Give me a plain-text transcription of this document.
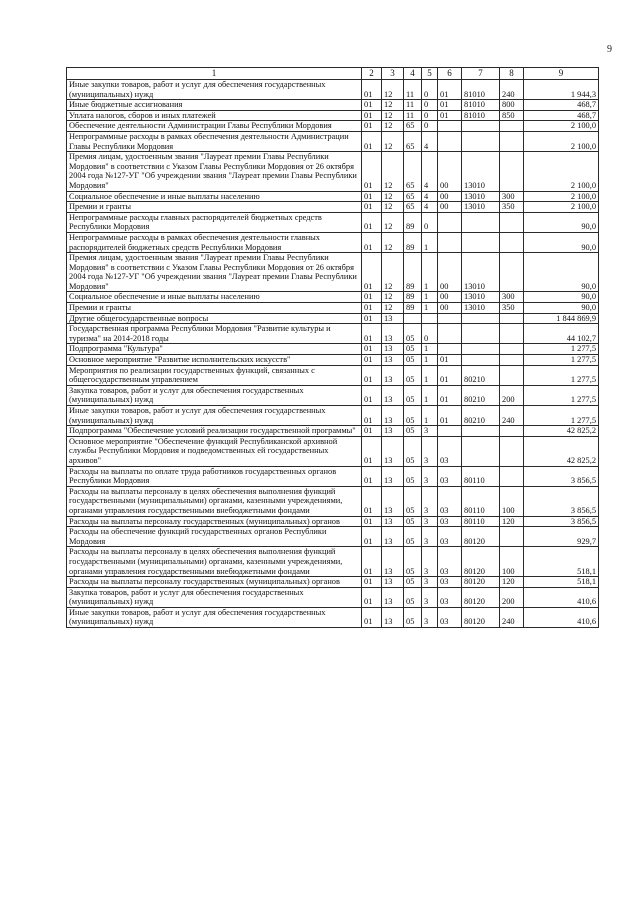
9
1	2	3	4	5	6	7	8	9
Иные закупки товаров, работ и услуг для обеспечения государственных (муниципальных) нужд	01	12	11	0	01	81010	240	1 944,3
Иные бюджетные ассигнования	01	12	11	0	01	81010	800	468,7
Уплата налогов, сборов и иных платежей	01	12	11	0	01	81010	850	468,7
Обеспечение деятельности Администрации Главы Республики Мордовия	01	12	65	0				2 100,0
Непрограммные расходы в рамках обеспечения деятельности Администрации Главы Республики Мордовия	01	12	65	4				2 100,0
Премия лицам, удостоенным звания "Лауреат премии Главы Республики Мордовия" в соответствии с Указом Главы Республики Мордовия от 26 октября 2004 года №127-УГ "Об учреждении звания "Лауреат премии Главы Республики Мордовия"	01	12	65	4	00	13010		2 100,0
Социальное обеспечение и иные выплаты населению	01	12	65	4	00	13010	300	2 100,0
Премии и гранты	01	12	65	4	00	13010	350	2 100,0
Непрограммные расходы главных распорядителей бюджетных средств Республики Мордовия	01	12	89	0				90,0
Непрограммные расходы в рамках обеспечения деятельности главных распорядителей бюджетных средств Республики Мордовия	01	12	89	1				90,0
Премия лицам, удостоенным звания "Лауреат премии Главы Республики Мордовия" в соответствии с Указом Главы Республики Мордовия от 26 октября 2004 года №127-УГ "Об учреждении звания "Лауреат премии Главы Республики Мордовия"	01	12	89	1	00	13010		90,0
Социальное обеспечение и иные выплаты населению	01	12	89	1	00	13010	300	90,0
Премии и гранты	01	12	89	1	00	13010	350	90,0
Другие общегосударственные вопросы	01	13						1 844 869,9
Государственная программа Республики Мордовия "Развитие культуры и туризма" на 2014-2018 годы	01	13	05	0				44 102,7
Подпрограмма "Культура"	01	13	05	1				1 277,5
Основное мероприятие "Развитие исполнительских искусств"	01	13	05	1	01			1 277,5
Мероприятия по реализации государственных функций, связанных с общегосударственным управлением	01	13	05	1	01	80210		1 277,5
Закупка товаров, работ и услуг для обеспечения государственных (муниципальных) нужд	01	13	05	1	01	80210	200	1 277,5
Иные закупки товаров, работ и услуг для обеспечения государственных (муниципальных) нужд	01	13	05	1	01	80210	240	1 277,5
Подпрограмма "Обеспечение условий реализации государственной программы"	01	13	05	3				42 825,2
Основное мероприятие "Обеспечение функций Республиканской архивной службы Республики Мордовия и подведомственных ей государственных архивов"	01	13	05	3	03			42 825,2
Расходы на выплаты по оплате труда работников государственных органов Республики Мордовия	01	13	05	3	03	80110		3 856,5
Расходы на выплаты персоналу в целях обеспечения выполнения функций государственными (муниципальными) органами, казенными учреждениями, органами управления государственными внебюджетными фондами	01	13	05	3	03	80110	100	3 856,5
Расходы на выплаты персоналу государственных (муниципальных) органов	01	13	05	3	03	80110	120	3 856,5
Расходы на обеспечение функций государственных органов Республики Мордовия	01	13	05	3	03	80120		929,7
Расходы на выплаты персоналу в целях обеспечения выполнения функций государственными (муниципальными) органами, казенными учреждениями, органами управления государственными внебюджетными фондами	01	13	05	3	03	80120	100	518,1
Расходы на выплаты персоналу государственных (муниципальных) органов	01	13	05	3	03	80120	120	518,1
Закупка товаров, работ и услуг для обеспечения государственных (муниципальных) нужд	01	13	05	3	03	80120	200	410,6
Иные закупки товаров, работ и услуг для обеспечения государственных (муниципальных) нужд	01	13	05	3	03	80120	240	410,6
